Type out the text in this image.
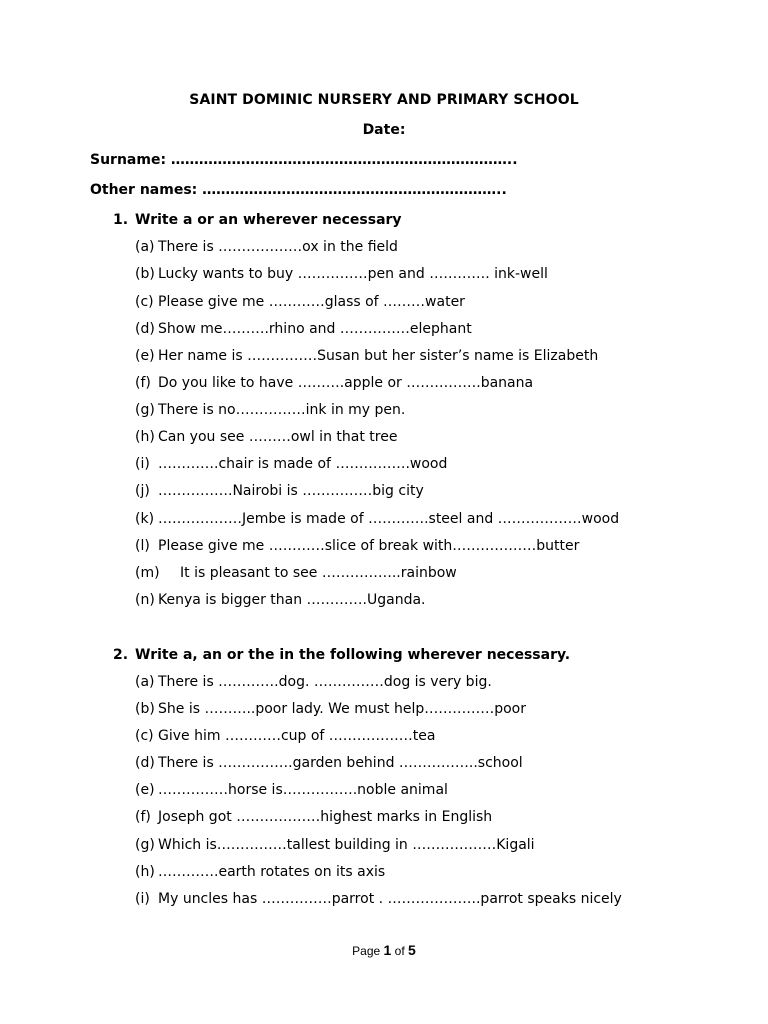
SAINT DOMINIC NURSERY AND PRIMARY SCHOOL
Date:
Surname: ………………………………………………………………..
Other names: ………………………………………………………..
1. Write a or an wherever necessary
(a) There is ………………ox in the field
(b) Lucky wants to buy ……………pen and …………. ink-well
(c) Please give me …………glass of ………water
(d) Show me……….rhino and ……………elephant
(e) Her name is ……………Susan but her sister’s name is Elizabeth
(f) Do you like to have ……….apple or …………….banana
(g) There is no……………ink in my pen.
(h) Can you see ………owl in that tree
(i) ………….chair is made of …………….wood
(j) …………….Nairobi is ……………big city
(k) ………………Jembe is made of ………….steel and ………………wood
(l) Please give me …………slice of break with………………butter
(m) It is pleasant to see ……………..rainbow
(n) Kenya is bigger than ………….Uganda.
2. Write a, an or the in the following wherever necessary.
(a) There is ………….dog. ……………dog is very big.
(b) She is ………..poor lady. We must help……………poor
(c) Give him …………cup of ………………tea
(d) There is …………….garden behind ……………..school
(e) ……………horse is…………….noble animal
(f) Joseph got ………………highest marks in English
(g) Which is……………tallest building in ………………Kigali
(h) ………….earth rotates on its axis
(i) My uncles has ……………parrot . ………………..parrot speaks nicely
Page 1 of 5
